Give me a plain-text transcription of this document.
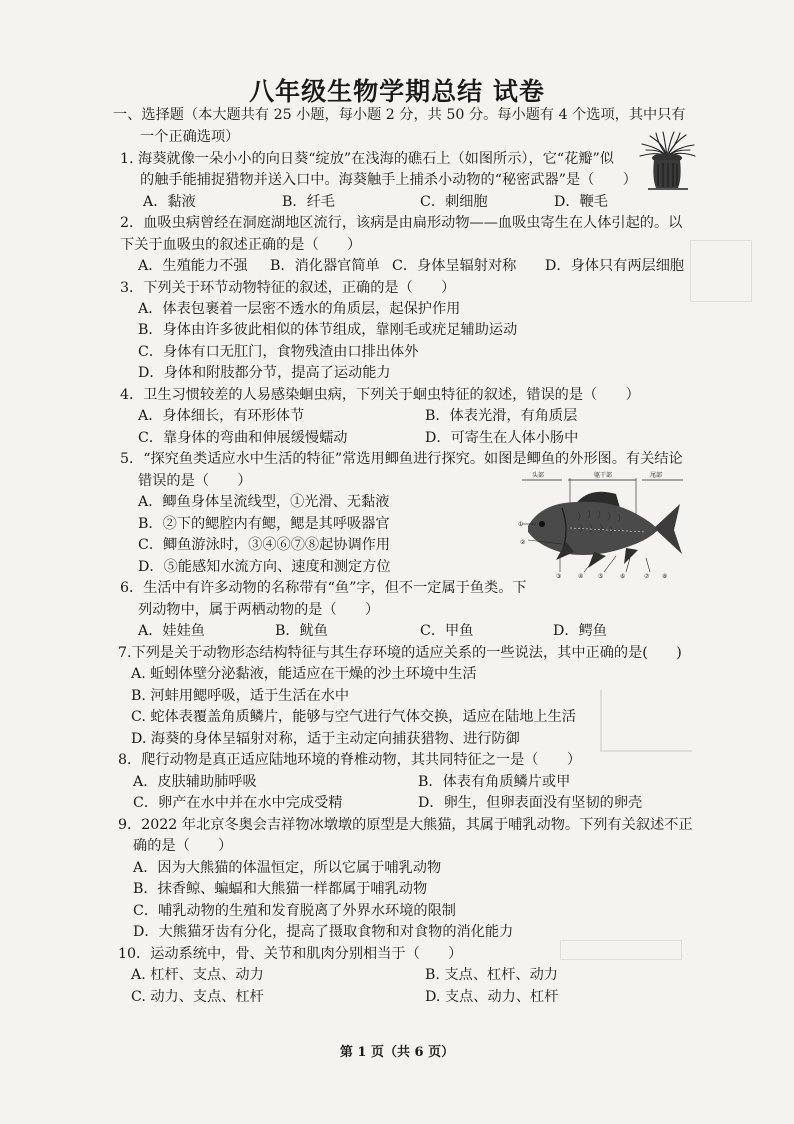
八年级生物学期总结 试卷
一、选择题（本大题共有 25 小题，每小题 2 分，共 50 分。每小题有 4 个选项，其中只有
一个正确选项）
1. 海葵就像一朵小小的向日葵“绽放”在浅海的礁石上（如图所示），它“花瓣”似
的触手能捕捉猎物并送入口中。海葵触手上捕杀小动物的“秘密武器”是（　　）
A．黏液	B．纤毛	C．刺细胞	D．鞭毛
2．血吸虫病曾经在洞庭湖地区流行，该病是由扁形动物——血吸虫寄生在人体引起的。以
下关于血吸虫的叙述正确的是（　　）
A．生殖能力不强 B．消化器官简单 C．身体呈辐射对称 D．身体只有两层细胞
3．下列关于环节动物特征的叙述，正确的是（　　）
A．体表包裹着一层密不透水的角质层，起保护作用
B．身体由许多彼此相似的体节组成，靠刚毛或疣足辅助运动
C．身体有口无肛门，食物残渣由口排出体外
D．身体和附肢都分节，提高了运动能力
4．卫生习惯较差的人易感染蛔虫病，下列关于蛔虫特征的叙述，错误的是（　　）
A．身体细长，有环形体节	B．体表光滑，有角质层
C．靠身体的弯曲和伸展缓慢蠕动	D．可寄生在人体小肠中
5．“探究鱼类适应水中生活的特征”常选用鲫鱼进行探究。如图是鲫鱼的外形图。有关结论
错误的是（　　）
A．鲫鱼身体呈流线型，①光滑、无黏液
B．②下的鳃腔内有鳃，鳃是其呼吸器官
C．鲫鱼游泳时，③④⑥⑦⑧起协调作用
D．⑤能感知水流方向、速度和测定方位
6．生活中有许多动物的名称带有“鱼”字，但不一定属于鱼类。下
列动物中，属于两栖动物的是（　　）
A．娃娃鱼	B．鱿鱼	C．甲鱼	D．鳄鱼
7.下列是关于动物形态结构特征与其生存环境的适应关系的一些说法，其中正确的是(　　)
A. 蚯蚓体壁分泌黏液，能适应在干燥的沙土环境中生活
B. 河蚌用鳃呼吸，适于生活在水中
C. 蛇体表覆盖角质鳞片，能够与空气进行气体交换，适应在陆地上生活
D. 海葵的身体呈辐射对称，适于主动定向捕获猎物、进行防御
8．爬行动物是真正适应陆地环境的脊椎动物，其共同特征之一是（　　）
A．皮肤辅助肺呼吸	B．体表有角质鳞片或甲
C．卵产在水中并在水中完成受精	D．卵生，但卵表面没有坚韧的卵壳
9．2022 年北京冬奥会吉祥物冰墩墩的原型是大熊猫，其属于哺乳动物。下列有关叙述不正
确的是（　　）
A．因为大熊猫的体温恒定，所以它属于哺乳动物
B．抹香鲸、蝙蝠和大熊猫一样都属于哺乳动物
C．哺乳动物的生殖和发育脱离了外界水环境的限制
D．大熊猫牙齿有分化，提高了摄取食物和对食物的消化能力
10．运动系统中，骨、关节和肌肉分别相当于（　　）
A. 杠杆、支点、动力	B. 支点、杠杆、动力
C. 动力、支点、杠杆	D. 支点、动力、杠杆
头部	躯干部	尾部
①
②
③	④ ⑤	⑥	⑦ ⑧
第 1 页（共 6 页）
